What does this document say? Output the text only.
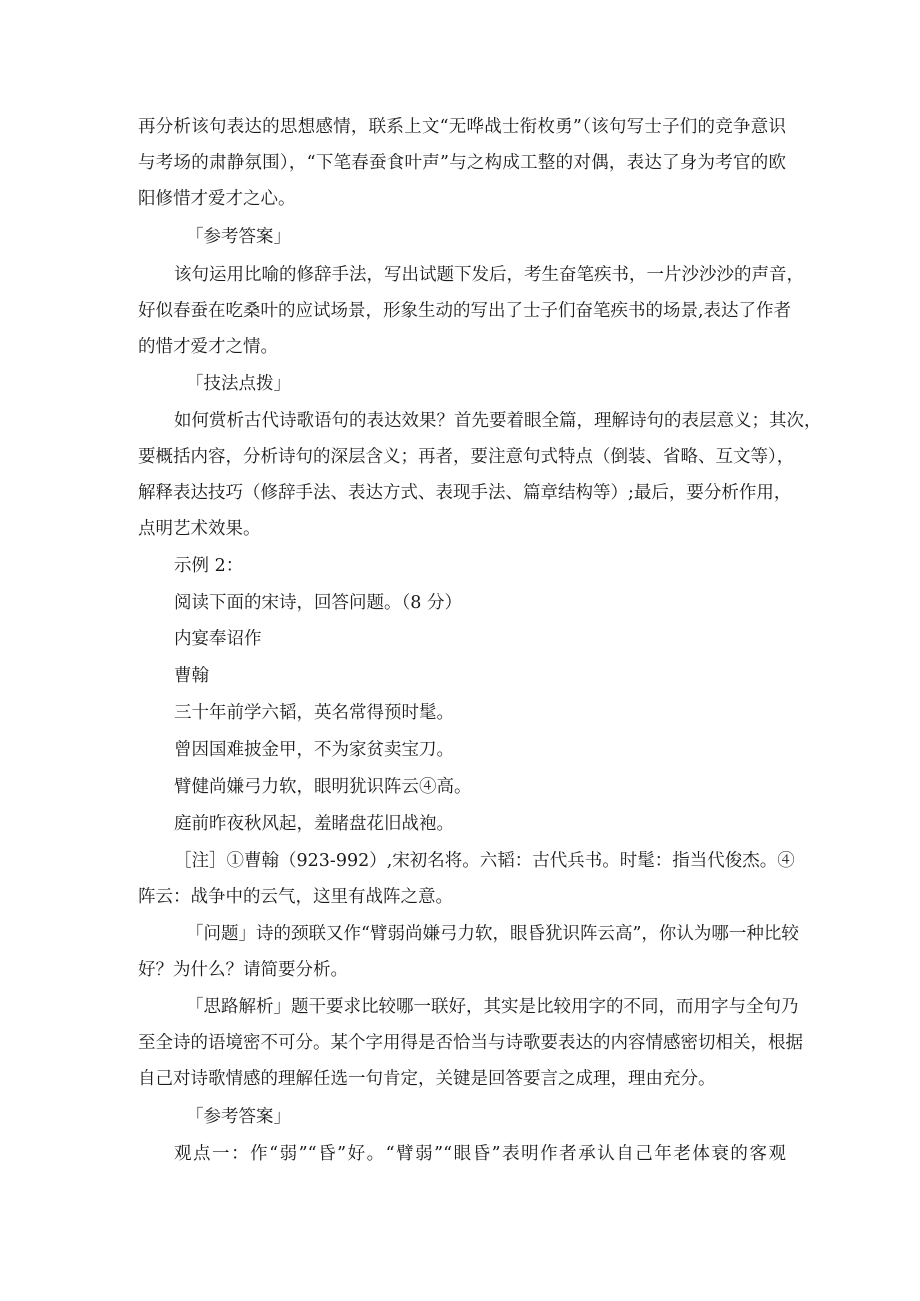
再分析该句表达的思想感情，联系上文“无哗战士衔枚勇”（该句写士子们的竞争意识
与考场的肃静氛围），“下笔春蚕食叶声”与之构成工整的对偶，表达了身为考官的欧
阳修惜才爱才之心。
「参考答案」
该句运用比喻的修辞手法，写出试题下发后，考生奋笔疾书，一片沙沙沙的声音，
好似春蚕在吃桑叶的应试场景，形象生动的写出了士子们奋笔疾书的场景,表达了作者
的惜才爱才之情。
「技法点拨」
如何赏析古代诗歌语句的表达效果？首先要着眼全篇，理解诗句的表层意义；其次，
要概括内容，分析诗句的深层含义；再者，要注意句式特点（倒装、省略、互文等），
解释表达技巧（修辞手法、表达方式、表现手法、篇章结构等）;最后，要分析作用，
点明艺术效果。
示例 2：
阅读下面的宋诗，回答问题。（8 分）
内宴奉诏作
曹翰
三十年前学六韬，英名常得预时髦。
曾因国难披金甲，不为家贫卖宝刀。
臂健尚嫌弓力软，眼明犹识阵云④高。
庭前昨夜秋风起，羞睹盘花旧战袍。
［注］①曹翰（923-992）,宋初名将。六韬：古代兵书。时髦：指当代俊杰。④
阵云：战争中的云气，这里有战阵之意。
「问题」诗的颈联又作“臂弱尚嫌弓力软，眼昏犹识阵云高”，你认为哪一种比较
好？为什么？请简要分析。
「思路解析」题干要求比较哪一联好，其实是比较用字的不同，而用字与全句乃
至全诗的语境密不可分。某个字用得是否恰当与诗歌要表达的内容情感密切相关，根据
自己对诗歌情感的理解任选一句肯定，关键是回答要言之成理，理由充分。
「参考答案」
观点一：作“弱”“昏”好。“臂弱”“眼昏”表明作者承认自己年老体衰的客观
